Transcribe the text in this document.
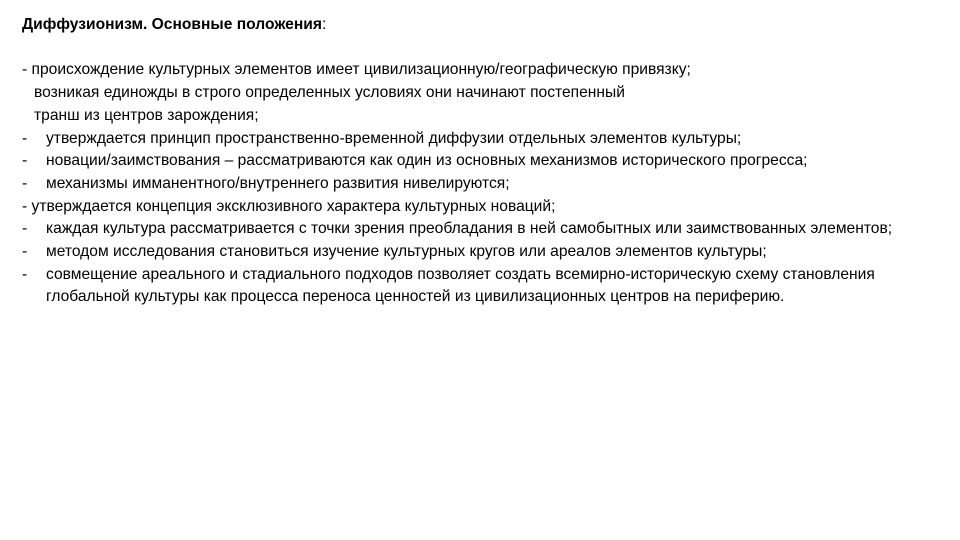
Диффузионизм. Основные положения:

- происхождение культурных элементов имеет цивилизационную/географическую привязку;

возникая единожды в строго определенных условиях они начинают постепенный

транш из центров зарождения;

- утверждается принцип пространственно-временной диффузии отдельных элементов культуры;
- новации/заимствования – рассматриваются как один из основных механизмов исторического прогресса;
- механизмы имманентного/внутреннего развития нивелируются;

- утверждается концепция эксклюзивного характера культурных новаций;

- каждая культура рассматривается с точки зрения преобладания в ней самобытных или заимствованных элементов;
- методом исследования становиться изучение культурных кругов или ареалов элементов культуры;
- совмещение ареального и стадиального подходов позволяет создать всемирно-историческую схему становления глобальной культуры как процесса переноса ценностей из цивилизационных центров на периферию.
